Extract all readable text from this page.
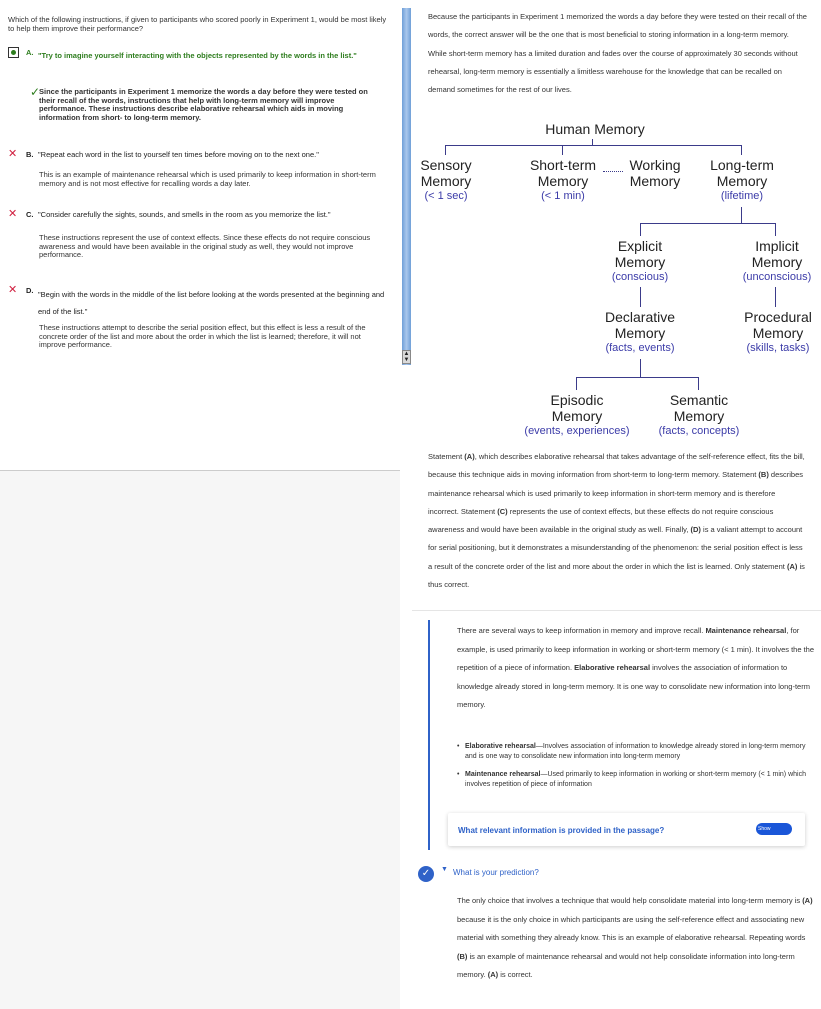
Which of the following instructions, if given to participants who scored poorly in Experiment 1, would be most likely to help them improve their performance?
A. "Try to imagine yourself interacting with the objects represented by the words in the list."
✓
Since the participants in Experiment 1 memorize the words a day before they were tested on their recall of the words, instructions that help with long-term memory will improve performance. These instructions describe elaborative rehearsal which aids in moving information from short- to long-term memory.
✕ B. "Repeat each word in the list to yourself ten times before moving on to the next one."
This is an example of maintenance rehearsal which is used primarily to keep information in short-term memory and is not most effective for recalling words a day later.
✕ C. "Consider carefully the sights, sounds, and smells in the room as you memorize the list."
These instructions represent the use of context effects. Since these effects do not require conscious awareness and would have been available in the original study as well, they would not improve performance.
✕ D. "Begin with the words in the middle of the list before looking at the words presented at the beginning and end of the list."
These instructions attempt to describe the serial position effect, but this effect is less a result of the concrete order of the list and more about the order in which the list is learned; therefore, it will not improve performance.
▲
▼
Because the participants in Experiment 1 memorized the words a day before they were tested on their recall of the words, the correct answer will be the one that is most beneficial to storing information in a long-term memory. While short-term memory has a limited duration and fades over the course of approximately 30 seconds without rehearsal, long-term memory is essentially a limitless warehouse for the knowledge that can be recalled on demand sometimes for the rest of our lives.
Human Memory
Sensory
Memory
(< 1 sec)
Short-term
Memory
(< 1 min)
Working
Memory
Long-term
Memory
(lifetime)
Explicit
Memory
(conscious)
Implicit
Memory
(unconscious)
Declarative
Memory
(facts, events)
Procedural
Memory
(skills, tasks)
Episodic
Memory
(events, experiences)
Semantic
Memory
(facts, concepts)
Statement (A), which describes elaborative rehearsal that takes advantage of the self-reference effect, fits the bill, because this technique aids in moving information from short-term to long-term memory. Statement (B) describes maintenance rehearsal which is used primarily to keep information in short-term memory and is therefore incorrect. Statement (C) represents the use of context effects, but these effects do not require conscious awareness and would have been available in the original study as well. Finally, (D) is a valiant attempt to account for serial positioning, but it demonstrates a misunderstanding of the phenomenon: the serial position effect is less a result of the concrete order of the list and more about the order in which the list is learned. Only statement (A) is thus correct.
There are several ways to keep information in memory and improve recall. Maintenance rehearsal, for example, is used primarily to keep information in working or short-term memory (< 1 min). It involves the the repetition of a piece of information. Elaborative rehearsal involves the association of information to knowledge already stored in long-term memory. It is one way to consolidate new information into long-term memory.
• Elaborative rehearsal—Involves association of information to knowledge already stored in long-term memory and is one way to consolidate new information into long-term memory
• Maintenance rehearsal—Used primarily to keep information in working or short-term memory (< 1 min) which involves repetition of piece of information
What relevant information is provided in the passage?	Show
✓	▼ What is your prediction?
The only choice that involves a technique that would help consolidate material into long-term memory is (A) because it is the only choice in which participants are using the self-reference effect and associating new material with something they already know. This is an example of elaborative rehearsal. Repeating words (B) is an example of maintenance rehearsal and would not help consolidate information into long-term memory. (A) is correct.
